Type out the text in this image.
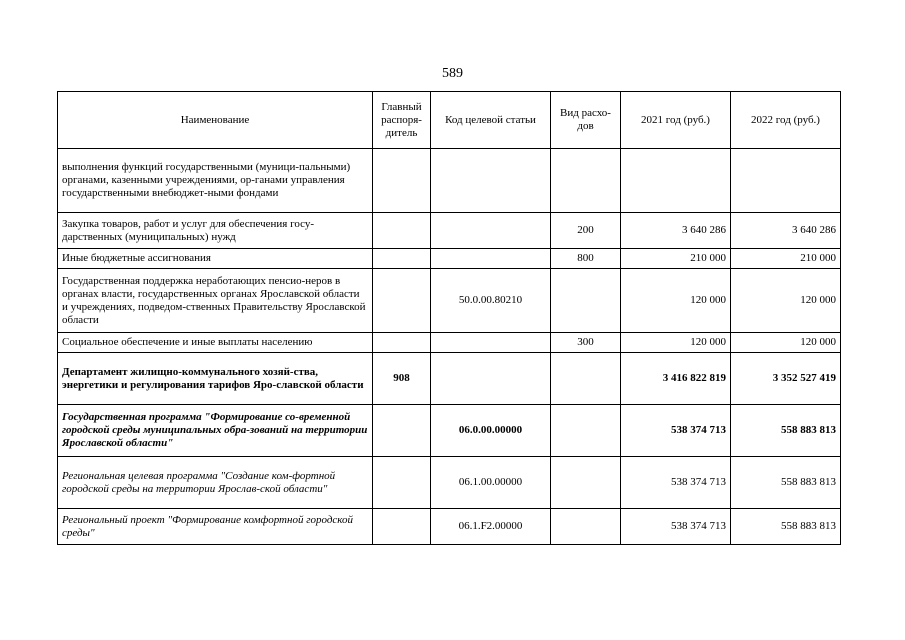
589
Наименование	Главный распоря-дитель	Код целевой статьи	Вид расхо-дов	2021 год (руб.)	2022 год (руб.)
выполнения функций государственными (муници-пальными) органами, казенными учреждениями, ор-ганами управления государственными внебюджет-ными фондами					
Закупка товаров, работ и услуг для обеспечения госу-дарственных (муниципальных) нужд			200	3 640 286	3 640 286
Иные бюджетные ассигнования			800	210 000	210 000
Государственная поддержка неработающих пенсио-неров в органах власти, государственных органах Ярославской области и учреждениях, подведом-ственных Правительству Ярославской области		50.0.00.80210		120 000	120 000
Социальное обеспечение и иные выплаты населению			300	120 000	120 000
Департамент жилищно-коммунального хозяй-ства, энергетики и регулирования тарифов Яро-славской области	908			3 416 822 819	3 352 527 419
Государственная программа "Формирование со-временной городской среды муниципальных обра-зований на территории Ярославской области"		06.0.00.00000		538 374 713	558 883 813
Региональная целевая программа "Создание ком-фортной городской среды на территории Ярослав-ской области"		06.1.00.00000		538 374 713	558 883 813
Региональный проект "Формирование комфортной городской среды"		06.1.F2.00000		538 374 713	558 883 813
